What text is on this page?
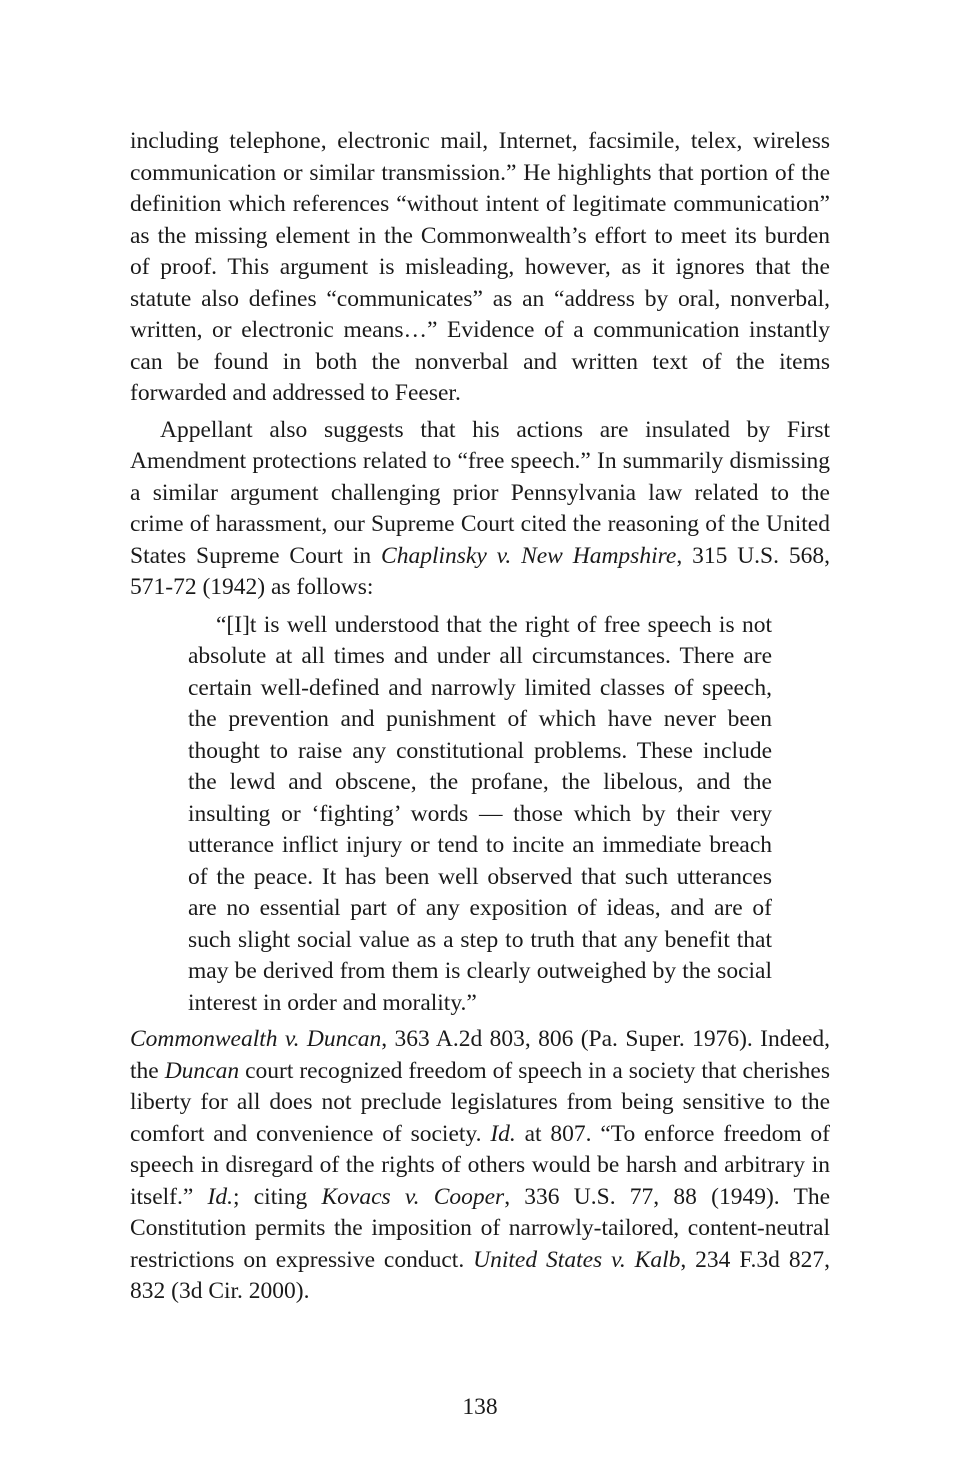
including telephone, electronic mail, Internet, facsimile, telex, wireless communication or similar transmission.” He highlights that portion of the definition which references “without intent of legitimate communication” as the missing element in the Commonwealth’s effort to meet its burden of proof. This argument is misleading, however, as it ignores that the statute also defines “communicates” as an “address by oral, nonverbal, written, or electronic means…” Evidence of a communication instantly can be found in both the nonverbal and written text of the items forwarded and addressed to Feeser.

Appellant also suggests that his actions are insulated by First Amendment protections related to “free speech.” In summarily dismissing a similar argument challenging prior Pennsylvania law related to the crime of harassment, our Supreme Court cited the reasoning of the United States Supreme Court in Chaplinsky v. New Hampshire, 315 U.S. 568, 571-72 (1942) as follows:

“[I]t is well understood that the right of free speech is not absolute at all times and under all circumstances. There are certain well-defined and narrowly limited classes of speech, the prevention and punishment of which have never been thought to raise any constitutional problems. These include the lewd and obscene, the profane, the libelous, and the insulting or ‘fighting’ words — those which by their very utterance inflict injury or tend to incite an immediate breach of the peace. It has been well observed that such utterances are no essential part of any exposition of ideas, and are of such slight social value as a step to truth that any benefit that may be derived from them is clearly outweighed by the social interest in order and morality.”

Commonwealth v. Duncan, 363 A.2d 803, 806 (Pa. Super. 1976). Indeed, the Duncan court recognized freedom of speech in a society that cherishes liberty for all does not preclude legislatures from being sensitive to the comfort and convenience of society. Id. at 807. “To enforce freedom of speech in disregard of the rights of others would be harsh and arbitrary in itself.” Id.; citing Kovacs v. Cooper, 336 U.S. 77, 88 (1949). The Constitution permits the imposition of narrowly-tailored, content-neutral restrictions on expressive conduct. United States v. Kalb, 234 F.3d 827, 832 (3d Cir. 2000).

138
